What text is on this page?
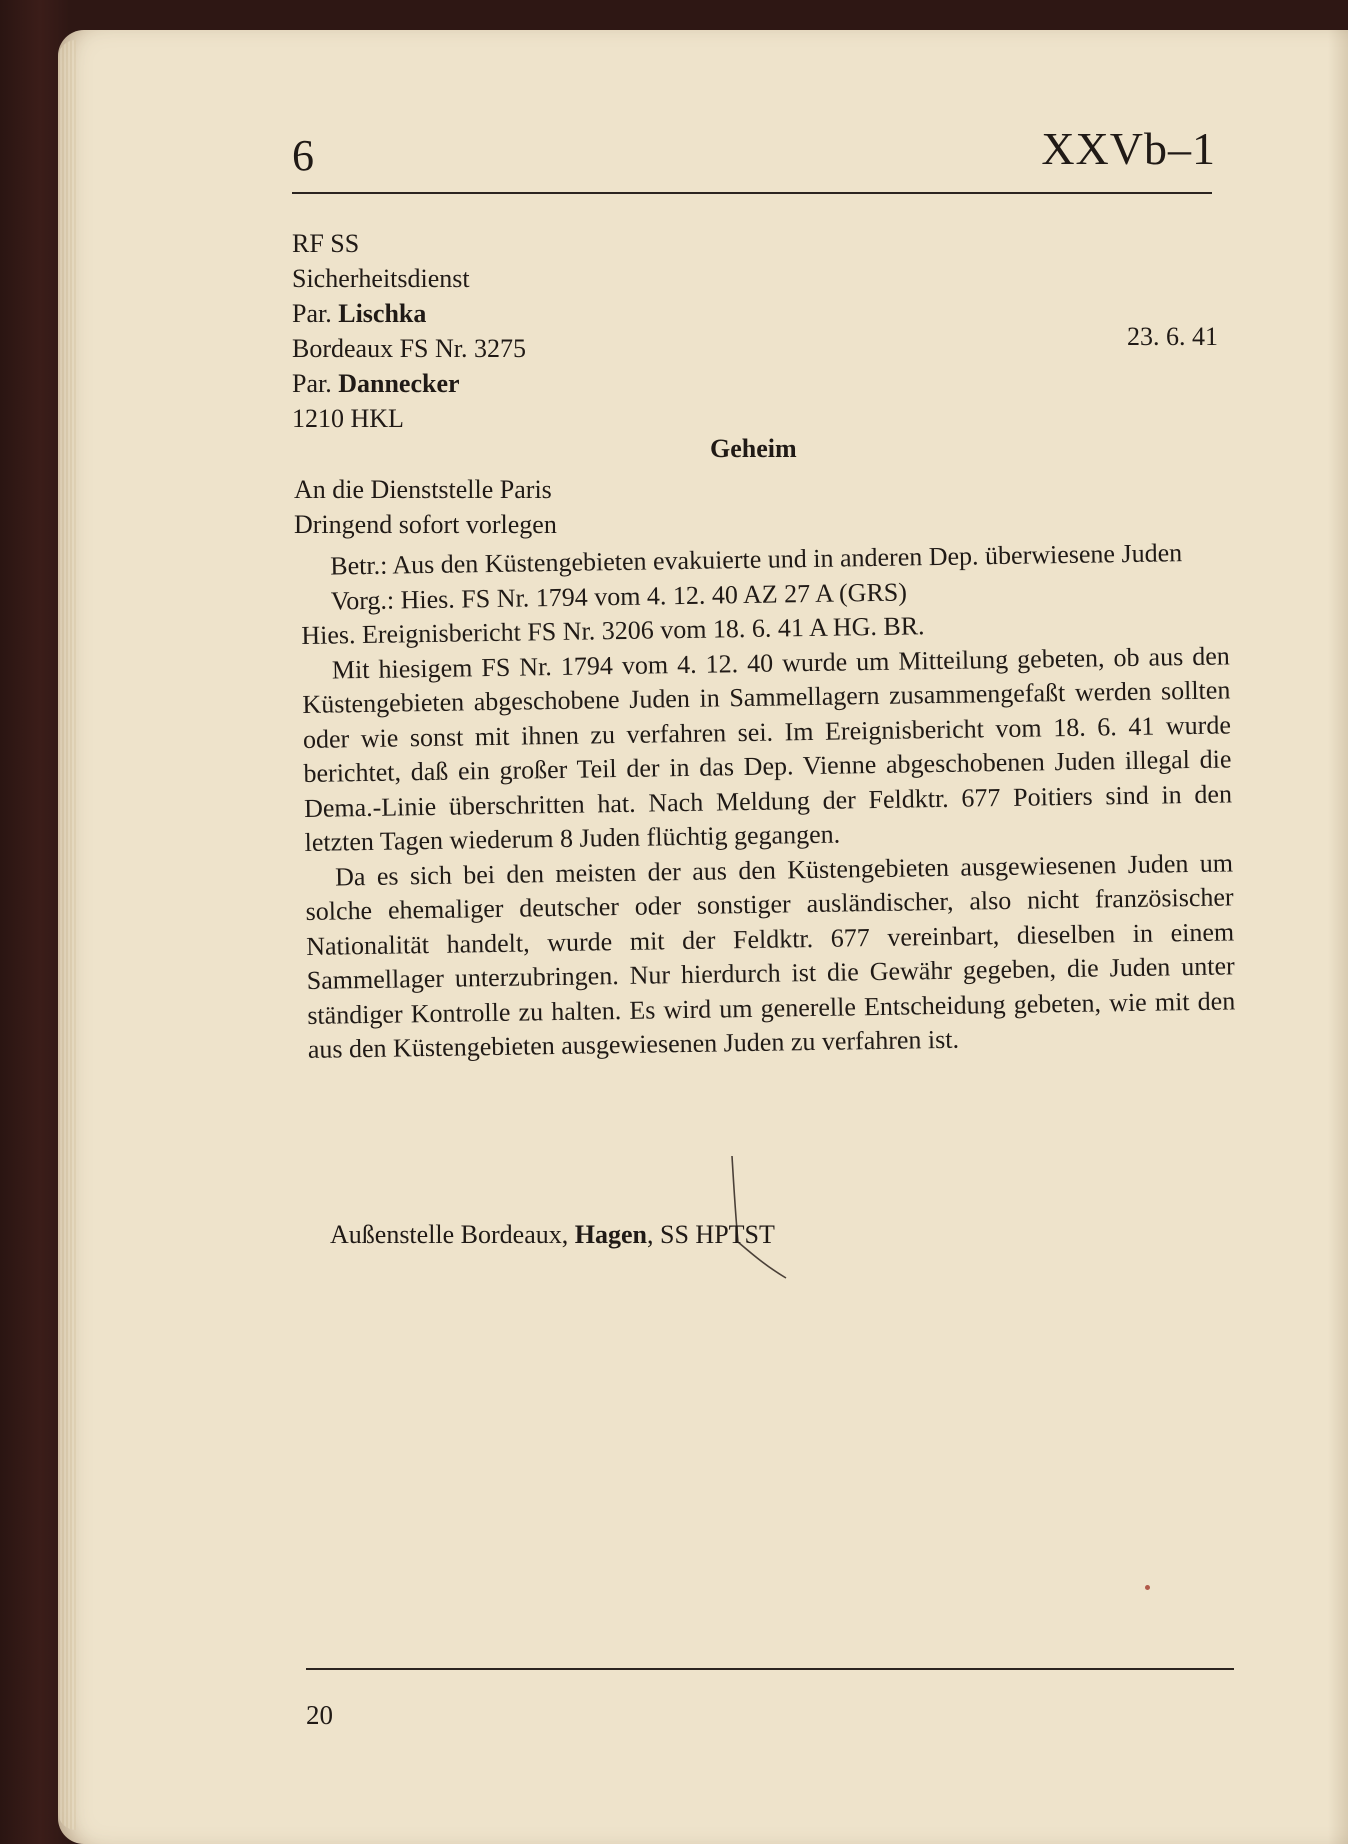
6	XXVb–1
RF SS
Sicherheitsdienst
Par. Lischka
Bordeaux FS Nr. 3275
Par. Dannecker
1210 HKL
23. 6. 41
Geheim
An die Dienststelle Paris
Dringend sofort vorlegen

Betr.: Aus den Küstengebieten evakuierte und in anderen Dep. überwiesene Juden

Vorg.: Hies. FS Nr. 1794 vom 4. 12. 40 AZ 27 A (GRS)

Hies. Ereignisbericht FS Nr. 3206 vom 18. 6. 41 A HG. BR.

Mit hiesigem FS Nr. 1794 vom 4. 12. 40 wurde um Mitteilung gebeten, ob aus den Küstengebieten abgeschobene Juden in Sammellagern zusammengefaßt werden sollten oder wie sonst mit ihnen zu verfahren sei. Im Ereignisbericht vom 18. 6. 41 wurde berichtet, daß ein großer Teil der in das Dep. Vienne abgeschobenen Juden illegal die Dema.-Linie überschritten hat. Nach Meldung der Feldktr. 677 Poitiers sind in den letzten Tagen wiederum 8 Juden flüchtig gegangen.

Da es sich bei den meisten der aus den Küstengebieten ausgewiesenen Juden um solche ehemaliger deutscher oder sonstiger ausländischer, also nicht französischer Nationalität handelt, wurde mit der Feldktr. 677 vereinbart, dieselben in einem Sammellager unterzubringen. Nur hierdurch ist die Gewähr gegeben, die Juden unter ständiger Kontrolle zu halten. Es wird um generelle Entscheidung gebeten, wie mit den aus den Küstengebieten ausgewiesenen Juden zu verfahren ist.

Außenstelle Bordeaux, Hagen, SS HPTST
20
